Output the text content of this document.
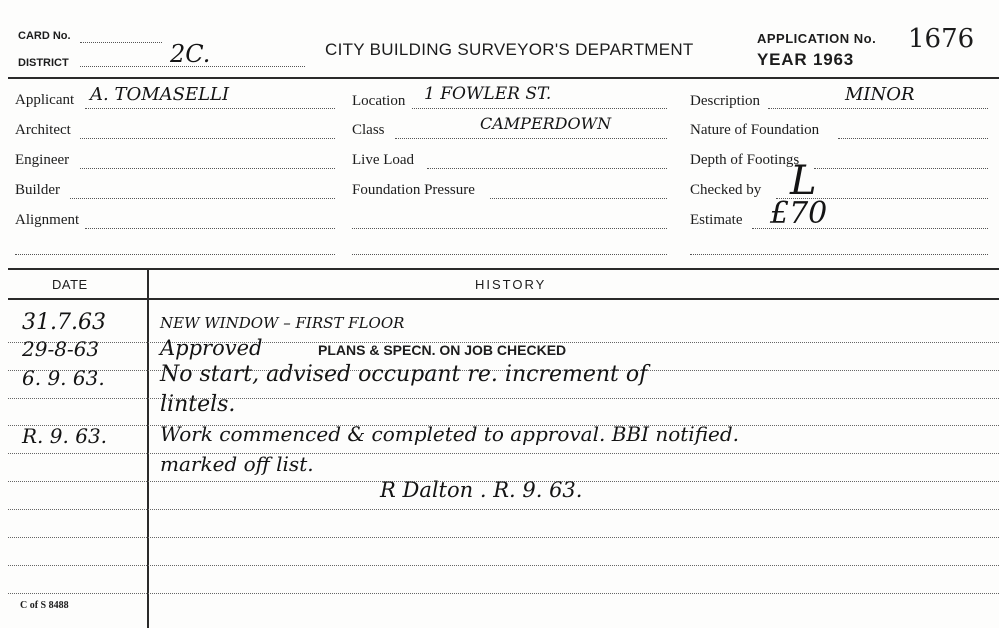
CARD No.
DISTRICT	2C.	CITY BUILDING SURVEYOR'S DEPARTMENT
APPLICATION No. 1676
YEAR 1963
Applicant A. TOMASELLI
Architect
Engineer
Builder
Alignment
Location 1 FOWLER ST.
Class	CAMPERDOWN
Live Load
Foundation Pressure
Description	MINOR
Nature of Foundation
Depth of Footings
Checked by L
Estimate £70
DATE	HISTORY
31.7.63	NEW WINDOW – FIRST FLOOR
29-8-63	Approved	PLANS & SPECN. ON JOB CHECKED
6. 9. 63.	No start, advised occupant re. increment of
lintels.
R. 9. 63.	Work commenced & completed to approval. BBI notified.
marked off list.
R Dalton . R. 9. 63.
C of S 8488
